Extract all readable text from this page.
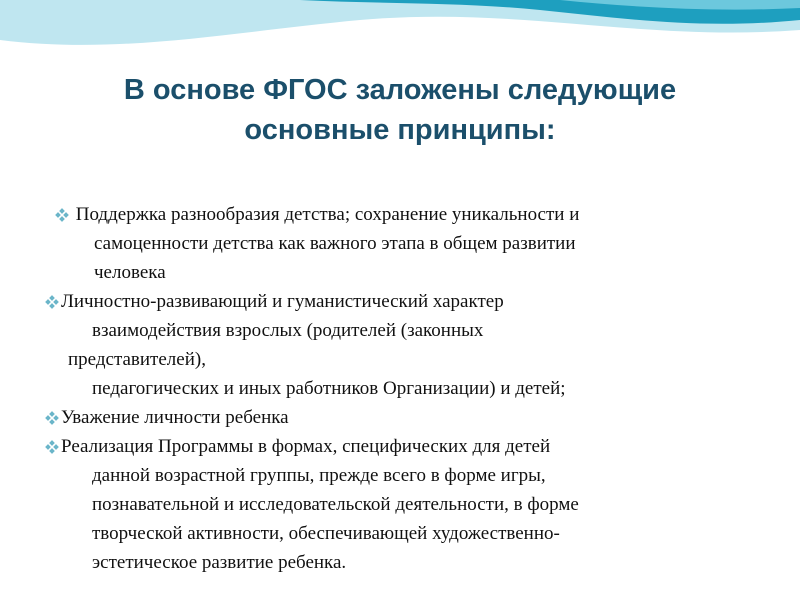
В основе ФГОС заложены следующие
основные принципы:
Поддержка разнообразия детства; сохранение уникальности и
самоценности детства как важного этапа в общем развитии
человека
Личностно-развивающий и гуманистический характер
взаимодействия взрослых (родителей (законных
представителей),
педагогических и иных работников Организации) и детей;
Уважение личности ребенка
Реализация Программы в формах, специфических для детей
данной возрастной группы, прежде всего в форме игры,
познавательной и исследовательской деятельности, в форме
творческой активности, обеспечивающей художественно-
эстетическое развитие ребенка.
